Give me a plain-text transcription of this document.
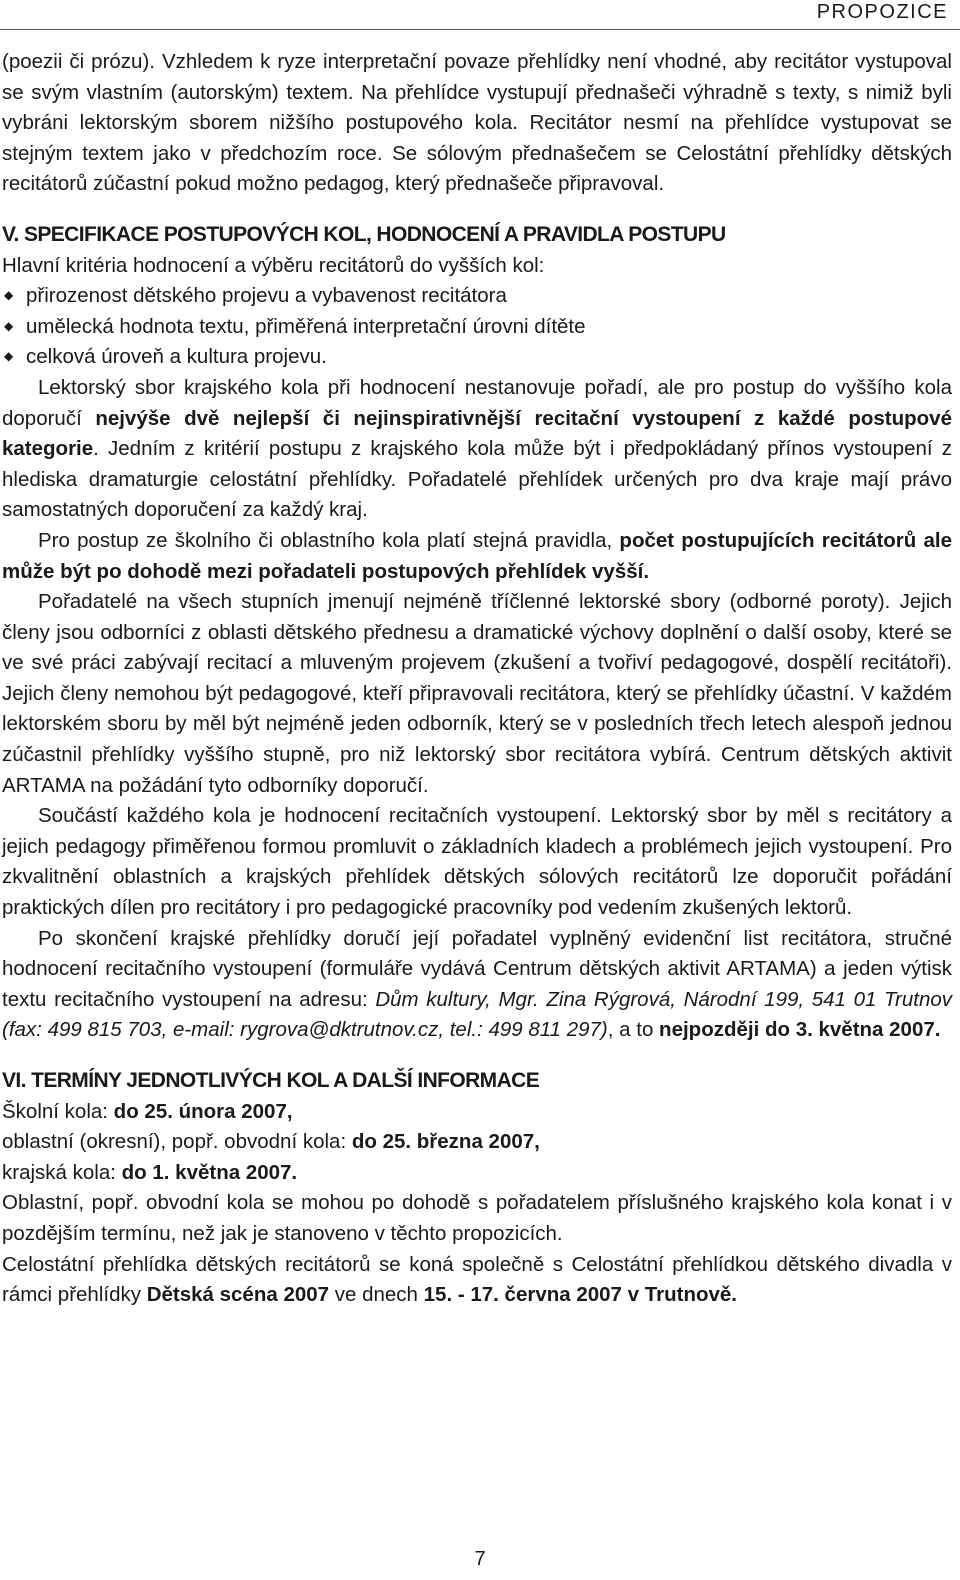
PROPOZICE

(poezii či prózu). Vzhledem k ryze interpretační povaze přehlídky není vhodné, aby recitátor vystupoval se svým vlastním (autorským) textem. Na přehlídce vystupují přednašeči výhradně s texty, s nimiž byli vybráni lektorským sborem nižšího postupového kola. Recitátor nesmí na přehlídce vystupovat se stejným textem jako v předchozím roce. Se sólovým přednašečem se Celostátní přehlídky dětských recitátorů zúčastní pokud možno pedagog, který přednašeče připravoval.

V. SPECIFIKACE POSTUPOVÝCH KOL, HODNOCENÍ A PRAVIDLA POSTUPU

Hlavní kritéria hodnocení a výběru recitátorů do vyšších kol:

◆ přirozenost dětského projevu a vybavenost recitátora
◆ umělecká hodnota textu, přiměřená interpretační úrovni dítěte
◆ celková úroveň a kultura projevu.

Lektorský sbor krajského kola při hodnocení nestanovuje pořadí, ale pro postup do vyššího kola doporučí nejvýše dvě nejlepší či nejinspirativnější recitační vystoupení z každé postupové kategorie. Jedním z kritérií postupu z krajského kola může být i předpokládaný přínos vystoupení z hlediska dramaturgie celostátní přehlídky. Pořadatelé přehlídek určených pro dva kraje mají právo samostatných doporučení za každý kraj.

Pro postup ze školního či oblastního kola platí stejná pravidla, počet postupujících recitátorů ale může být po dohodě mezi pořadateli postupových přehlídek vyšší.

Pořadatelé na všech stupních jmenují nejméně tříčlenné lektorské sbory (odborné poroty). Jejich členy jsou odborníci z oblasti dětského přednesu a dramatické výchovy doplnění o další osoby, které se ve své práci zabývají recitací a mluveným projevem (zkušení a tvořiví pedagogové, dospělí recitátoři). Jejich členy nemohou být pedagogové, kteří připravovali recitátora, který se přehlídky účastní. V každém lektorském sboru by měl být nejméně jeden odborník, který se v posledních třech letech alespoň jednou zúčastnil přehlídky vyššího stupně, pro niž lektorský sbor recitátora vybírá. Centrum dětských aktivit ARTAMA na požádání tyto odborníky doporučí.

Součástí každého kola je hodnocení recitačních vystoupení. Lektorský sbor by měl s recitátory a jejich pedagogy přiměřenou formou promluvit o základních kladech a problémech jejich vystoupení. Pro zkvalitnění oblastních a krajských přehlídek dětských sólových recitátorů lze doporučit pořádání praktických dílen pro recitátory i pro pedagogické pracovníky pod vedením zkušených lektorů.

Po skončení krajské přehlídky doručí její pořadatel vyplněný evidenční list recitátora, stručné hodnocení recitačního vystoupení (formuláře vydává Centrum dětských aktivit ARTAMA) a jeden výtisk textu recitačního vystoupení na adresu: Dům kultury, Mgr. Zina Rýgrová, Národní 199, 541 01 Trutnov (fax: 499 815 703, e-mail: rygrova@dktrutnov.cz, tel.: 499 811 297), a to nejpozději do 3. května 2007.

VI. TERMÍNY JEDNOTLIVÝCH KOL A DALŠÍ INFORMACE

Školní kola: do 25. února 2007,

oblastní (okresní), popř. obvodní kola: do 25. března 2007,

krajská kola: do 1. května 2007.

Oblastní, popř. obvodní kola se mohou po dohodě s pořadatelem příslušného krajského kola konat i v pozdějším termínu, než jak je stanoveno v těchto propozicích.

Celostátní přehlídka dětských recitátorů se koná společně s Celostátní přehlídkou dětského divadla v rámci přehlídky Dětská scéna 2007 ve dnech 15. - 17. června 2007 v Trutnově.

7
